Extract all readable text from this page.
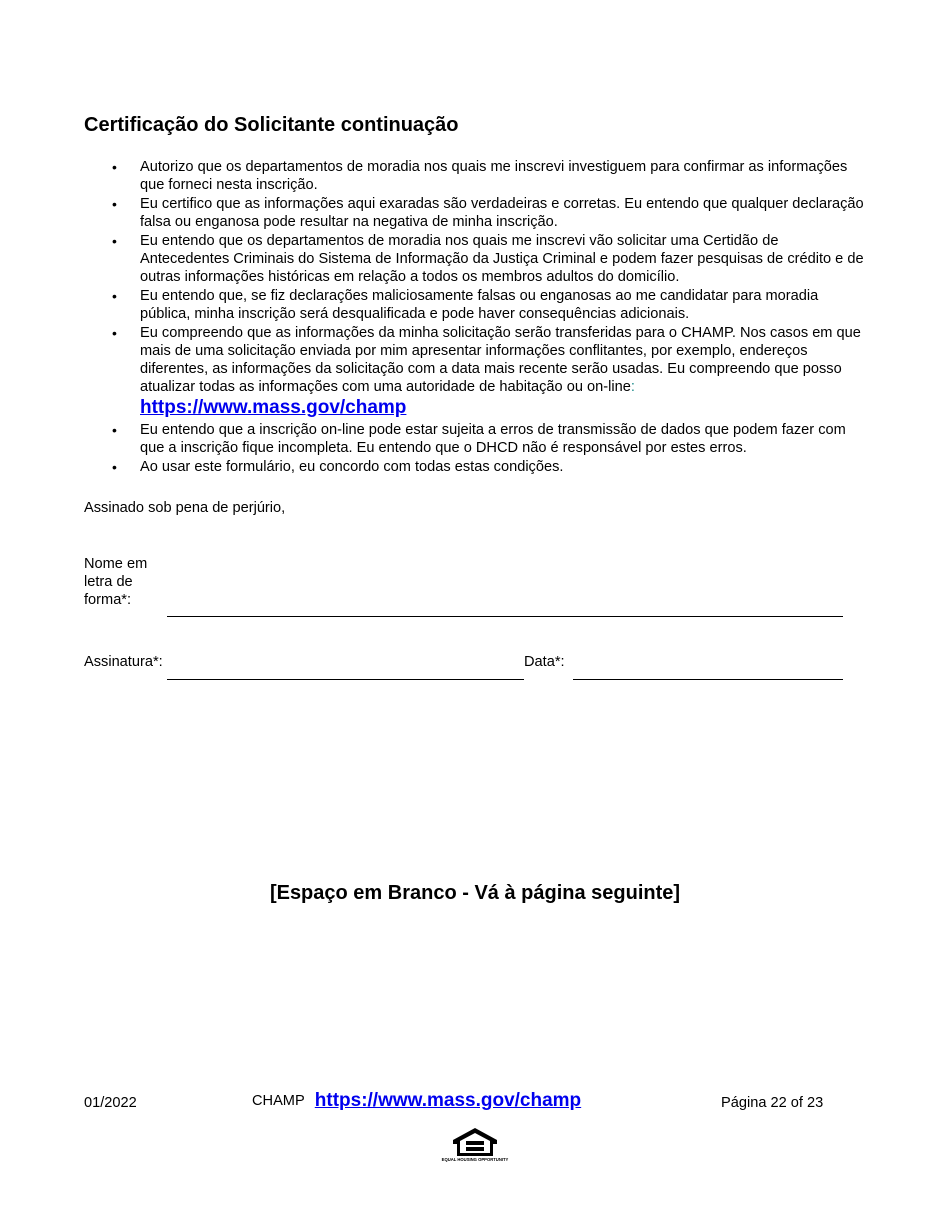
Certificação do Solicitante continuação
• Autorizo que os departamentos de moradia nos quais me inscrevi investiguem para confirmar as informações que forneci nesta inscrição.
• Eu certifico que as informações aqui exaradas são verdadeiras e corretas. Eu entendo que qualquer declaração falsa ou enganosa pode resultar na negativa de minha inscrição.
• Eu entendo que os departamentos de moradia nos quais me inscrevi vão solicitar uma Certidão de Antecedentes Criminais do Sistema de Informação da Justiça Criminal e podem fazer pesquisas de crédito e de outras informações históricas em relação a todos os membros adultos do domicílio.
• Eu entendo que, se fiz declarações maliciosamente falsas ou enganosas ao me candidatar para moradia pública, minha inscrição será desqualificada e pode haver consequências adicionais.
• Eu compreendo que as informações da minha solicitação serão transferidas para o CHAMP. Nos casos em que mais de uma solicitação enviada por mim apresentar informações conflitantes, por exemplo, endereços diferentes, as informações da solicitação com a data mais recente serão usadas. Eu compreendo que posso atualizar todas as informações com uma autoridade de habitação ou on-line:
https://www.mass.gov/champ
• Eu entendo que a inscrição on-line pode estar sujeita a erros de transmissão de dados que podem fazer com que a inscrição fique incompleta. Eu entendo que o DHCD não é responsável por estes erros.
• Ao usar este formulário, eu concordo com todas estas condições.
Assinado sob pena de perjúrio,
Nome em letra de forma*:
Assinatura*:	Data*:
[Espaço em Branco - Vá à página seguinte]
01/2022	CHAMP https://www.mass.gov/champ	Página 22 of 23
EQUAL HOUSING OPPORTUNITY
